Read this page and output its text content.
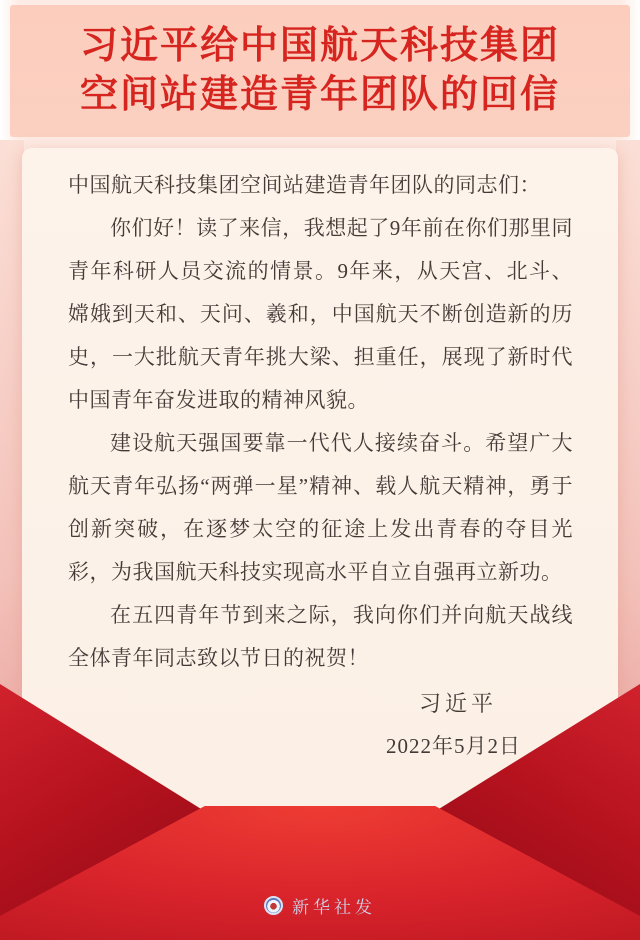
习近平给中国航天科技集团
空间站建造青年团队的回信

中国航天科技集团空间站建造青年团队的同志们：

你们好！读了来信，我想起了9年前在你们那里同青年科研人员交流的情景。9年来，从天宫、北斗、嫦娥到天和、天问、羲和，中国航天不断创造新的历史，一大批航天青年挑大梁、担重任，展现了新时代中国青年奋发进取的精神风貌。

建设航天强国要靠一代代人接续奋斗。希望广大航天青年弘扬“两弹一星”精神、载人航天精神，勇于创新突破，在逐梦太空的征途上发出青春的夺目光彩，为我国航天科技实现高水平自立自强再立新功。

在五四青年节到来之际，我向你们并向航天战线全体青年同志致以节日的祝贺！

习近平
2022年5月2日
新华社发
